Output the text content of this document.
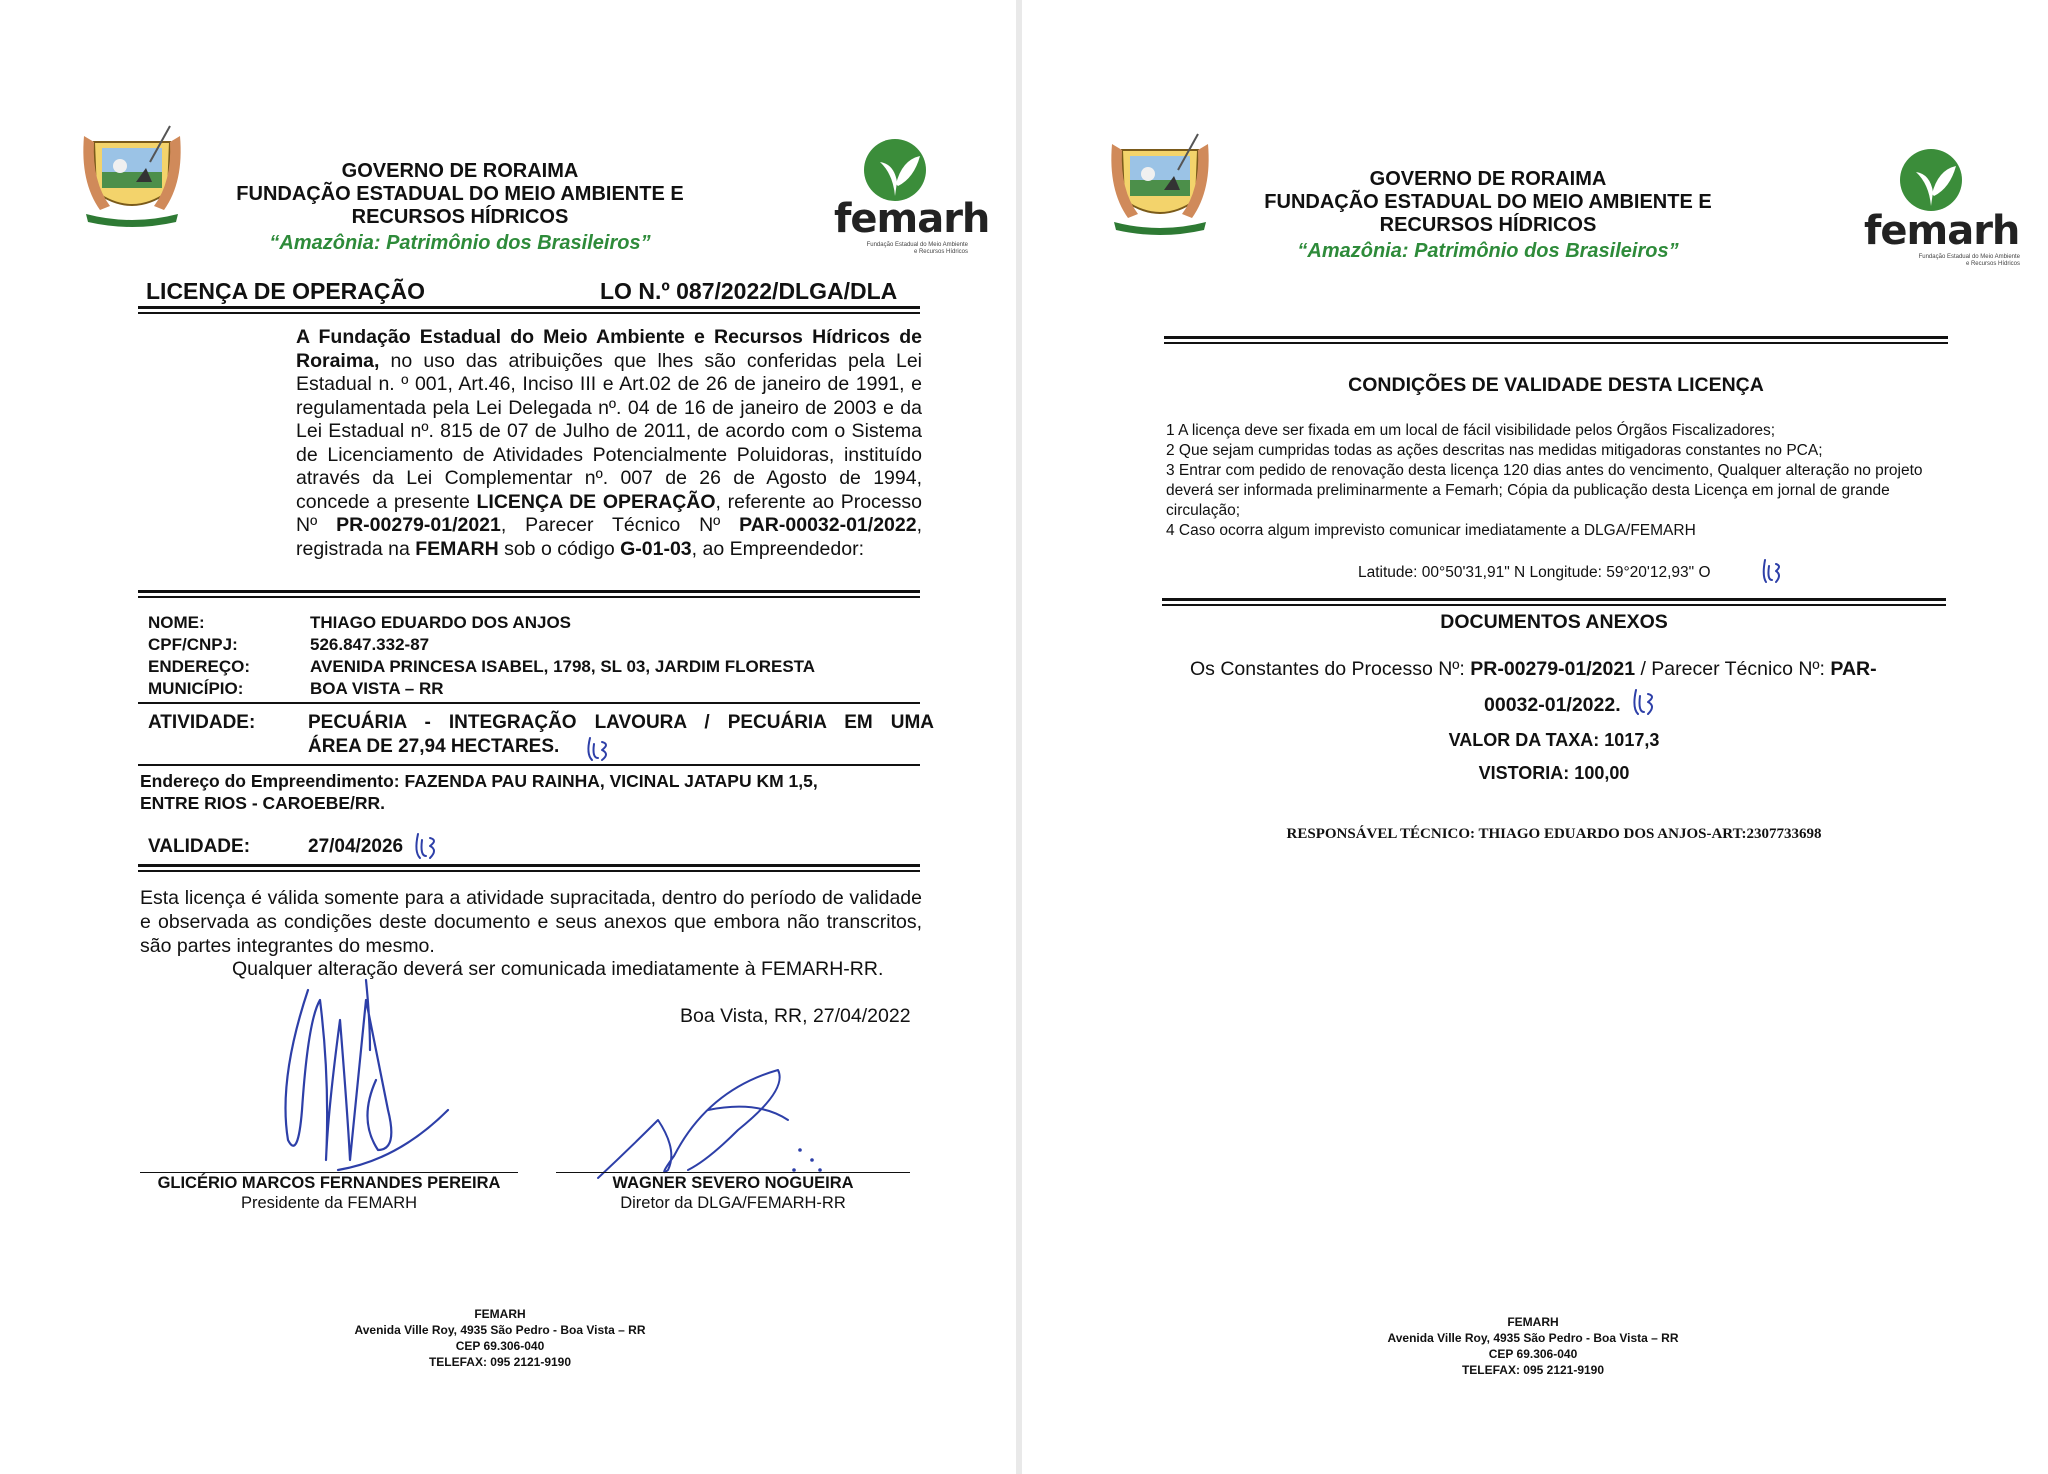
GOVERNO DE RORAIMA
FUNDAÇÃO ESTADUAL DO MEIO AMBIENTE E
RECURSOS HÍDRICOS
“Amazônia: Patrimônio dos Brasileiros”
femarh
Fundação Estadual do Meio Ambiente
e Recursos Hídricos
LICENÇA DE OPERAÇÃO	LO N.º 087/2022/DLGA/DLA
A Fundação Estadual do Meio Ambiente e Recursos Hídricos de Roraima, no uso das atribuições que lhes são conferidas pela Lei Estadual n. º 001, Art.46, Inciso III e Art.02 de 26 de janeiro de 1991, e regulamentada pela Lei Delegada nº. 04 de 16 de janeiro de 2003 e da Lei Estadual nº. 815 de 07 de Julho de 2011, de acordo com o Sistema de Licenciamento de Atividades Potencialmente Poluidoras, instituído através da Lei Complementar nº. 007 de 26 de Agosto de 1994, concede a presente LICENÇA DE OPERAÇÃO, referente ao Processo Nº PR-00279-01/2021, Parecer Técnico Nº PAR-00032-01/2022, registrada na FEMARH sob o código G-01-03, ao Empreendedor:
NOME:	THIAGO EDUARDO DOS ANJOS
CPF/CNPJ:	526.847.332-87
ENDEREÇO:	AVENIDA PRINCESA ISABEL, 1798, SL 03, JARDIM FLORESTA
MUNICÍPIO:	BOA VISTA – RR
ATIVIDADE:	PECUÁRIA - INTEGRAÇÃO LAVOURA / PECUÁRIA EM UMA
ÁREA DE 27,94 HECTARES.
Endereço do Empreendimento: FAZENDA PAU RAINHA, VICINAL JATAPU KM 1,5,
ENTRE RIOS - CAROEBE/RR.
VALIDADE:	27/04/2026
Esta licença é válida somente para a atividade supracitada, dentro do período de validade e observada as condições deste documento e seus anexos que embora não transcritos, são partes integrantes do mesmo.
Qualquer alteração deverá ser comunicada imediatamente à FEMARH-RR.
Boa Vista, RR, 27/04/2022
GLICÉRIO MARCOS FERNANDES PEREIRA
Presidente da FEMARH
WAGNER SEVERO NOGUEIRA
Diretor da DLGA/FEMARH-RR
FEMARH
Avenida Ville Roy, 4935 São Pedro - Boa Vista – RR
CEP 69.306-040
TELEFAX: 095 2121-9190
GOVERNO DE RORAIMA
FUNDAÇÃO ESTADUAL DO MEIO AMBIENTE E
RECURSOS HÍDRICOS
“Amazônia: Patrimônio dos Brasileiros”	femarh
Fundação Estadual do Meio Ambiente
e Recursos Hídricos
CONDIÇÕES DE VALIDADE DESTA LICENÇA
1 A licença deve ser fixada em um local de fácil visibilidade pelos Órgãos Fiscalizadores;
2 Que sejam cumpridas todas as ações descritas nas medidas mitigadoras constantes no PCA;
3 Entrar com pedido de renovação desta licença 120 dias antes do vencimento, Qualquer alteração no projeto deverá ser informada preliminarmente a Femarh; Cópia da publicação desta Licença em jornal de grande circulação;
4 Caso ocorra algum imprevisto comunicar imediatamente a DLGA/FEMARH
Latitude: 00°50'31,91" N Longitude: 59°20'12,93" O
DOCUMENTOS ANEXOS
Os Constantes do Processo Nº: PR-00279-01/2021 / Parecer Técnico Nº: PAR-
00032-01/2022.
VALOR DA TAXA: 1017,3
VISTORIA: 100,00
RESPONSÁVEL TÉCNICO: THIAGO EDUARDO DOS ANJOS-ART:2307733698
FEMARH
Avenida Ville Roy, 4935 São Pedro - Boa Vista – RR
CEP 69.306-040
TELEFAX: 095 2121-9190
